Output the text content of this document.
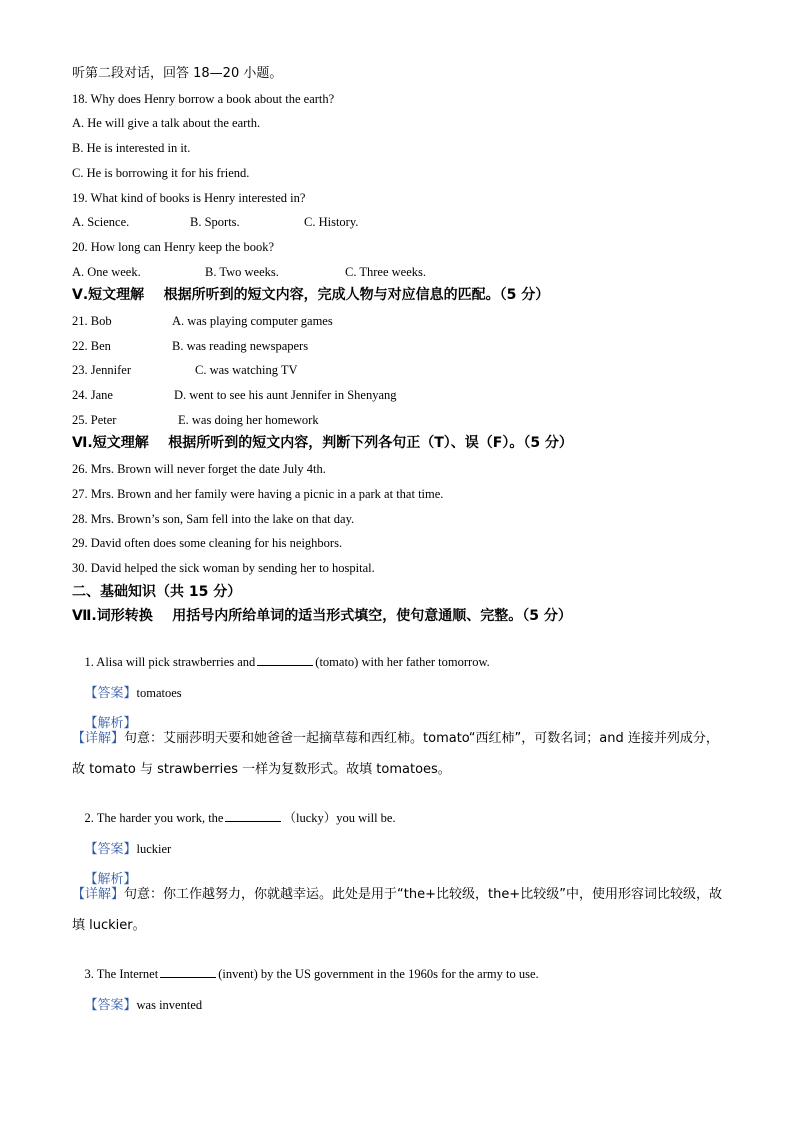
听第二段对话，回答 18—20 小题。
18. Why does Henry borrow a book about the earth?
A. He will give a talk about the earth.
B. He is interested in it.
C. He is borrowing it for his friend.
19. What kind of books is Henry interested in?
A. Science.	B. Sports.	C. History.
20. How long can Henry keep the book?
A. One week.	B. Two weeks.	C. Three weeks.
Ⅴ.短文理解    根据所听到的短文内容，完成人物与对应信息的匹配。（5 分）
21. Bob	A. was playing computer games
22. Ben	B. was reading newspapers
23. Jennifer	C. was watching TV
24. Jane	D. went to see his aunt Jennifer in Shenyang
25. Peter	E. was doing her homework
Ⅵ.短文理解    根据所听到的短文内容，判断下列各句正（T）、误（F）。（5 分）
26. Mrs. Brown will never forget the date July 4th.
27. Mrs. Brown and her family were having a picnic in a park at that time.
28. Mrs. Brown’s son, Sam fell into the lake on that day.
29. David often does some cleaning for his neighbors.
30. David helped the sick woman by sending her to hospital.
二、基础知识（共 15 分）
Ⅶ.词形转换    用括号内所给单词的适当形式填空，使句意通顺、完整。（5 分）

1. Alisa will pick strawberries and	(tomato) with her father tomorrow.

【答案】tomatoes

【解析】

【详解】句意：艾丽莎明天要和她爸爸一起摘草莓和西红柿。tomato“西红柿”，可数名词；and 连接并列成分，故 tomato 与 strawberries 一样为复数形式。故填 tomatoes。

2. The harder you work, the	（lucky）you will be.

【答案】luckier

【解析】

【详解】句意：你工作越努力，你就越幸运。此处是用于“the+比较级，the+比较级”中，使用形容词比较级，故填 luckier。

3. The Internet	(invent) by the US government in the 1960s for the army to use.

【答案】was invented
